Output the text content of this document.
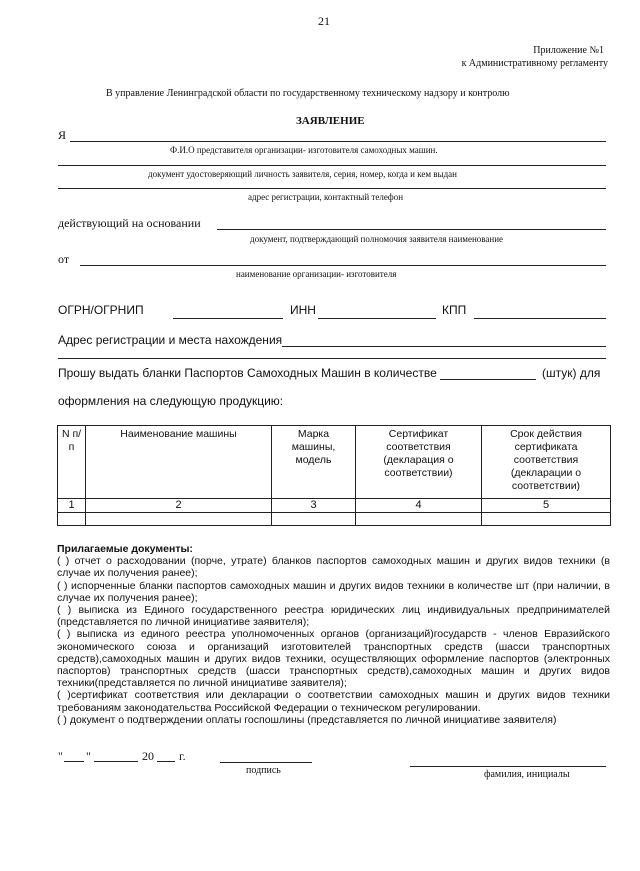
21
Приложение №1
к Административному регламенту
В управление Ленинградской области по государственному техническому надзору и контролю
ЗАЯВЛЕНИЕ
Я
Ф.И.О представителя организации- изготовителя самоходных машин.
документ удостоверяющий личность заявителя, серия, номер, когда и кем выдан
адрес регистрации, контактный телефон
действующий на основании
документ, подтверждающий полномочия заявителя наименование
от
наименование организации- изготовителя
ОГРН/ОГРНИП	ИНН	КПП
Адрес регистрации и места нахождения
Прошу выдать бланки Паспортов Самоходных Машин в количестве	(штук) для
оформления на следующую продукцию:
N п/п	Наименование машины	Марка машины, модель	Сертификат соответствия (декларация о соответствии)	Срок действия сертификата соответствия (декларации о соответствии)
1	2	3	4	5

Прилагаемые документы:
( ) отчет о расходовании (порче, утрате) бланков паспортов самоходных машин и других видов техники (в случае их получения ранее);
( ) испорченные бланки паспортов самоходных машин и других видов техники в количестве шт (при наличии, в случае их получения ранее);
( ) выписка из Единого государственного реестра юридических лиц индивидуальных предпринимателей (представляется по личной инициативе заявителя);
( ) выписка из единого реестра уполномоченных органов (организаций)государств - членов Евразийского экономического союза и организаций изготовителей транспортных средств (шасси транспортных средств),самоходных машин и других видов техники, осуществляющих оформление паспортов (электронных паспортов) транспортных средств (шасси транспортных средств),самоходных машин и других видов техники(представляется по личной инициативе заявителя);
( )сертификат соответствия или декларации о соответствии самоходных машин и других видов техники требованиям законодательства Российской Федерации о техническом регулировании.
( ) документ о подтверждении оплаты госпошлины (представляется по личной инициативе заявителя)
" "	20 г.
подпись	фамилия, инициалы
